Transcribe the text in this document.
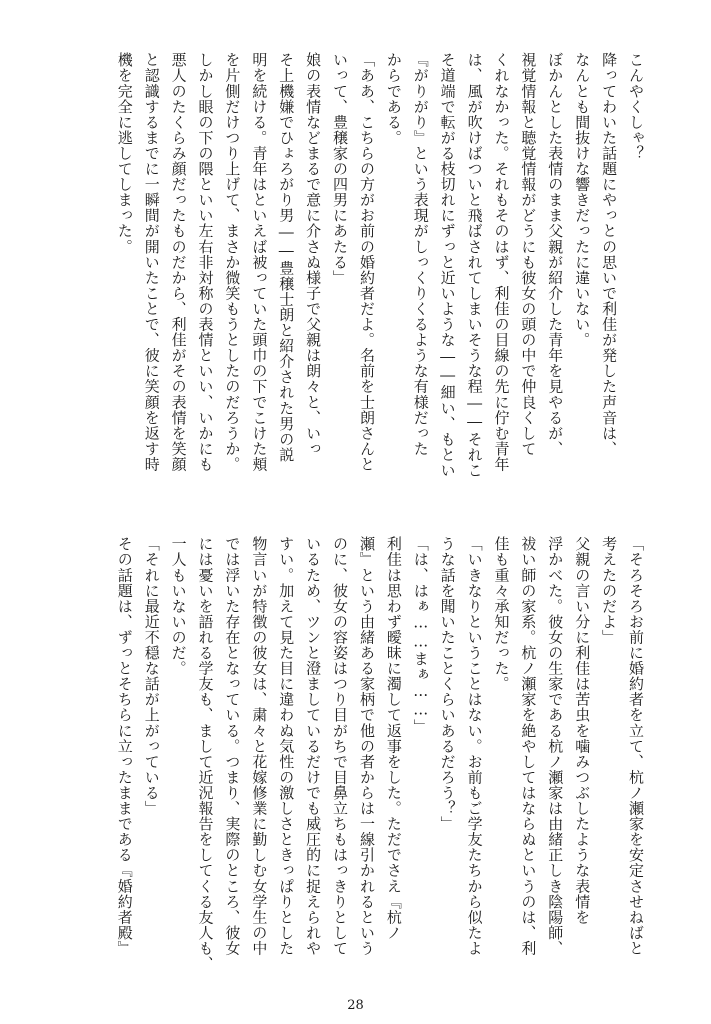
こんやくしゃ？
降ってわいた話題にやっとの思いで利佳が発した声音は、
なんとも間抜けな響きだったに違いない。
ぼかんとした表情のまま父親が紹介した青年を見やるが、
視覚情報と聴覚情報がどうにも彼女の頭の中で仲良くして
くれなかった。それもそのはず、利佳の目線の先に佇む青年
は、風が吹けばついと飛ばされてしまいそうな程――それこ
そ道端で転がる枝切れにずっと近いような――細い、もとい
『がりがり』という表現がしっくりくるような有様だった
からである。
「ああ、こちらの方がお前の婚約者だよ。名前を士朗さんと
いって、豊穣家の四男にあたる」
娘の表情などまるで意に介さぬ様子で父親は朗々と、いっ
そ上機嫌でひょろがり男――豊穣士朗と紹介された男の説
明を続ける。青年はといえば被っていた頭巾の下でこけた頬
を片側だけつり上げて、まさか微笑もうとしたのだろうか。
しかし眼の下の隈といい左右非対称の表情といい、いかにも
悪人のたくらみ顔だったものだから、利佳がその表情を笑顔
と認識するまでに一瞬間が開いたことで、彼に笑顔を返す時
機を完全に逃してしまった。
「そろそろお前に婚約者を立て、杭ノ瀬家を安定させねばと
考えたのだよ」
父親の言い分に利佳は苦虫を噛みつぶしたような表情を
浮かべた。彼女の生家である杭ノ瀬家は由緒正しき陰陽師、
祓い師の家系。杭ノ瀬家を絶やしてはならぬというのは、利
佳も重々承知だった。
「いきなりということはない。お前もご学友たちから似たよ
うな話を聞いたことくらいあるだろう？」
「は、はぁ……まぁ……」
利佳は思わず曖昧に濁して返事をした。ただでさえ『杭ノ
瀬』という由緒ある家柄で他の者からは一線引かれるという
のに、彼女の容姿はつり目がちで目鼻立ちもはっきりとして
いるため、ツンと澄ましているだけでも威圧的に捉えられや
すい。加えて見た目に違わぬ気性の激しさときっぱりとした
物言いが特徴の彼女は、粛々と花嫁修業に勤しむ女学生の中
では浮いた存在となっている。つまり、実際のところ、彼女
には憂いを語れる学友も、まして近況報告をしてくる友人も、
一人もいないのだ。
「それに最近不穏な話が上がっている」
その話題は、ずっとそちらに立ったままである『婚約者殿』
28
